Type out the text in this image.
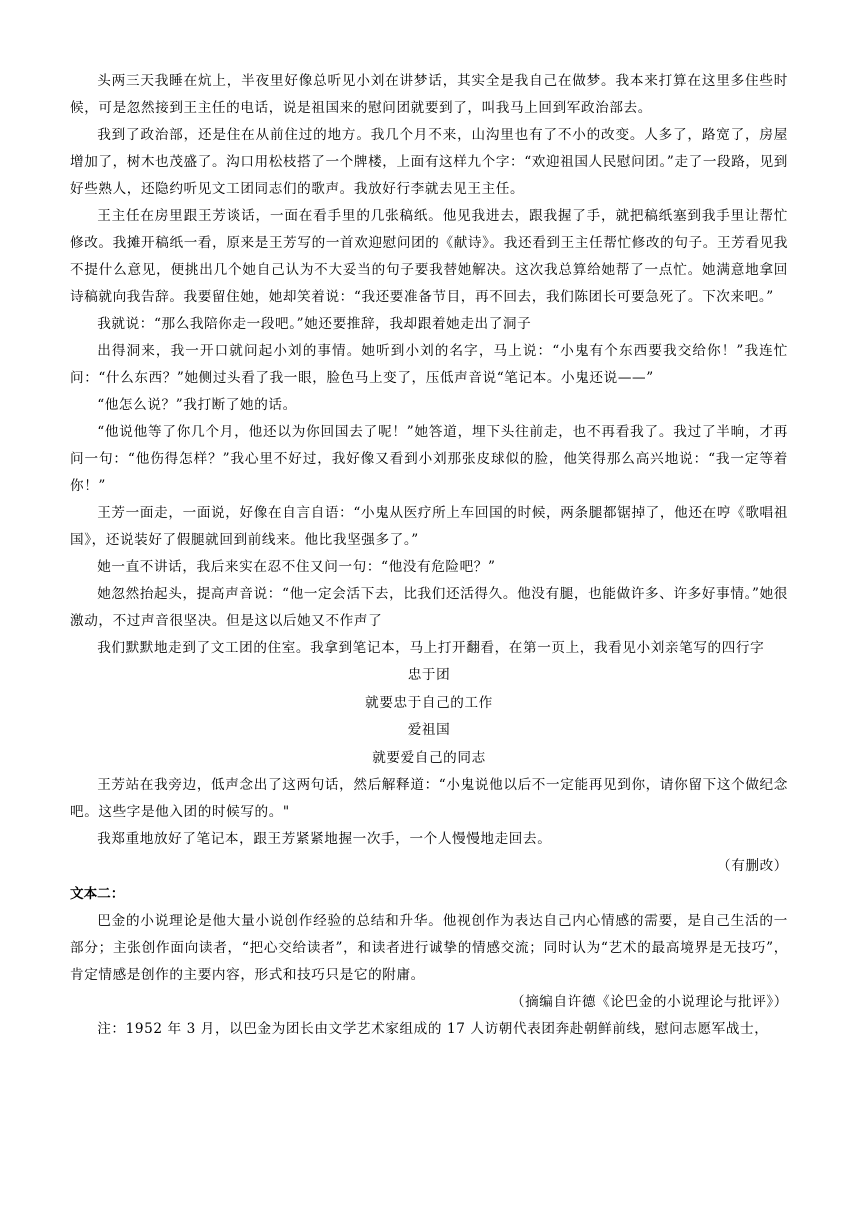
头两三天我睡在炕上，半夜里好像总听见小刘在讲梦话，其实全是我自己在做梦。我本来打算在这里多住些时候，可是忽然接到王主任的电话，说是祖国来的慰问团就要到了，叫我马上回到军政治部去。

我到了政治部，还是住在从前住过的地方。我几个月不来，山沟里也有了不小的改变。人多了，路宽了，房屋增加了，树木也茂盛了。沟口用松枝搭了一个牌楼，上面有这样九个字：“欢迎祖国人民慰问团。”走了一段路，见到好些熟人，还隐约听见文工团同志们的歌声。我放好行李就去见王主任。

王主任在房里跟王芳谈话，一面在看手里的几张稿纸。他见我进去，跟我握了手，就把稿纸塞到我手里让帮忙修改。我摊开稿纸一看，原来是王芳写的一首欢迎慰问团的《献诗》。我还看到王主任帮忙修改的句子。王芳看见我不提什么意见，便挑出几个她自己认为不大妥当的句子要我替她解决。这次我总算给她帮了一点忙。她满意地拿回诗稿就向我告辞。我要留住她，她却笑着说：“我还要准备节目，再不回去，我们陈团长可要急死了。下次来吧。”

我就说：“那么我陪你走一段吧。”她还要推辞，我却跟着她走出了洞子

出得洞来，我一开口就问起小刘的事情。她听到小刘的名字，马上说：“小鬼有个东西要我交给你！”我连忙问：“什么东西？”她侧过头看了我一眼，脸色马上变了，压低声音说“笔记本。小鬼还说——”

“他怎么说？”我打断了她的话。

“他说他等了你几个月，他还以为你回国去了呢！”她答道，埋下头往前走，也不再看我了。我过了半晌，才再问一句：“他伤得怎样？”我心里不好过，我好像又看到小刘那张皮球似的脸，他笑得那么高兴地说：“我一定等着你！”

王芳一面走，一面说，好像在自言自语：“小鬼从医疗所上车回国的时候，两条腿都锯掉了，他还在哼《歌唱祖国》，还说装好了假腿就回到前线来。他比我坚强多了。”

她一直不讲话，我后来实在忍不住又问一句：“他没有危险吧？”

她忽然抬起头，提高声音说：“他一定会活下去，比我们还活得久。他没有腿，也能做许多、许多好事情。”她很激动，不过声音很坚决。但是这以后她又不作声了

我们默默地走到了文工团的住室。我拿到笔记本，马上打开翻看，在第一页上，我看见小刘亲笔写的四行字

忠于团

就要忠于自己的工作

爱祖国

就要爱自己的同志

王芳站在我旁边，低声念出了这两句话，然后解释道：“小鬼说他以后不一定能再见到你，请你留下这个做纪念吧。这些字是他入团的时候写的。"

我郑重地放好了笔记本，跟王芳紧紧地握一次手，一个人慢慢地走回去。

（有删改）

文本二：

巴金的小说理论是他大量小说创作经验的总结和升华。他视创作为表达自己内心情感的需要，是自己生活的一部分；主张创作面向读者，“把心交给读者”，和读者进行诚挚的情感交流；同时认为“艺术的最高境界是无技巧”，肯定情感是创作的主要内容，形式和技巧只是它的附庸。

（摘编自许德《论巴金的小说理论与批评》）

注：1952 年 3 月，以巴金为团长由文学艺术家组成的 17 人访朝代表团奔赴朝鲜前线，慰问志愿军战士，
